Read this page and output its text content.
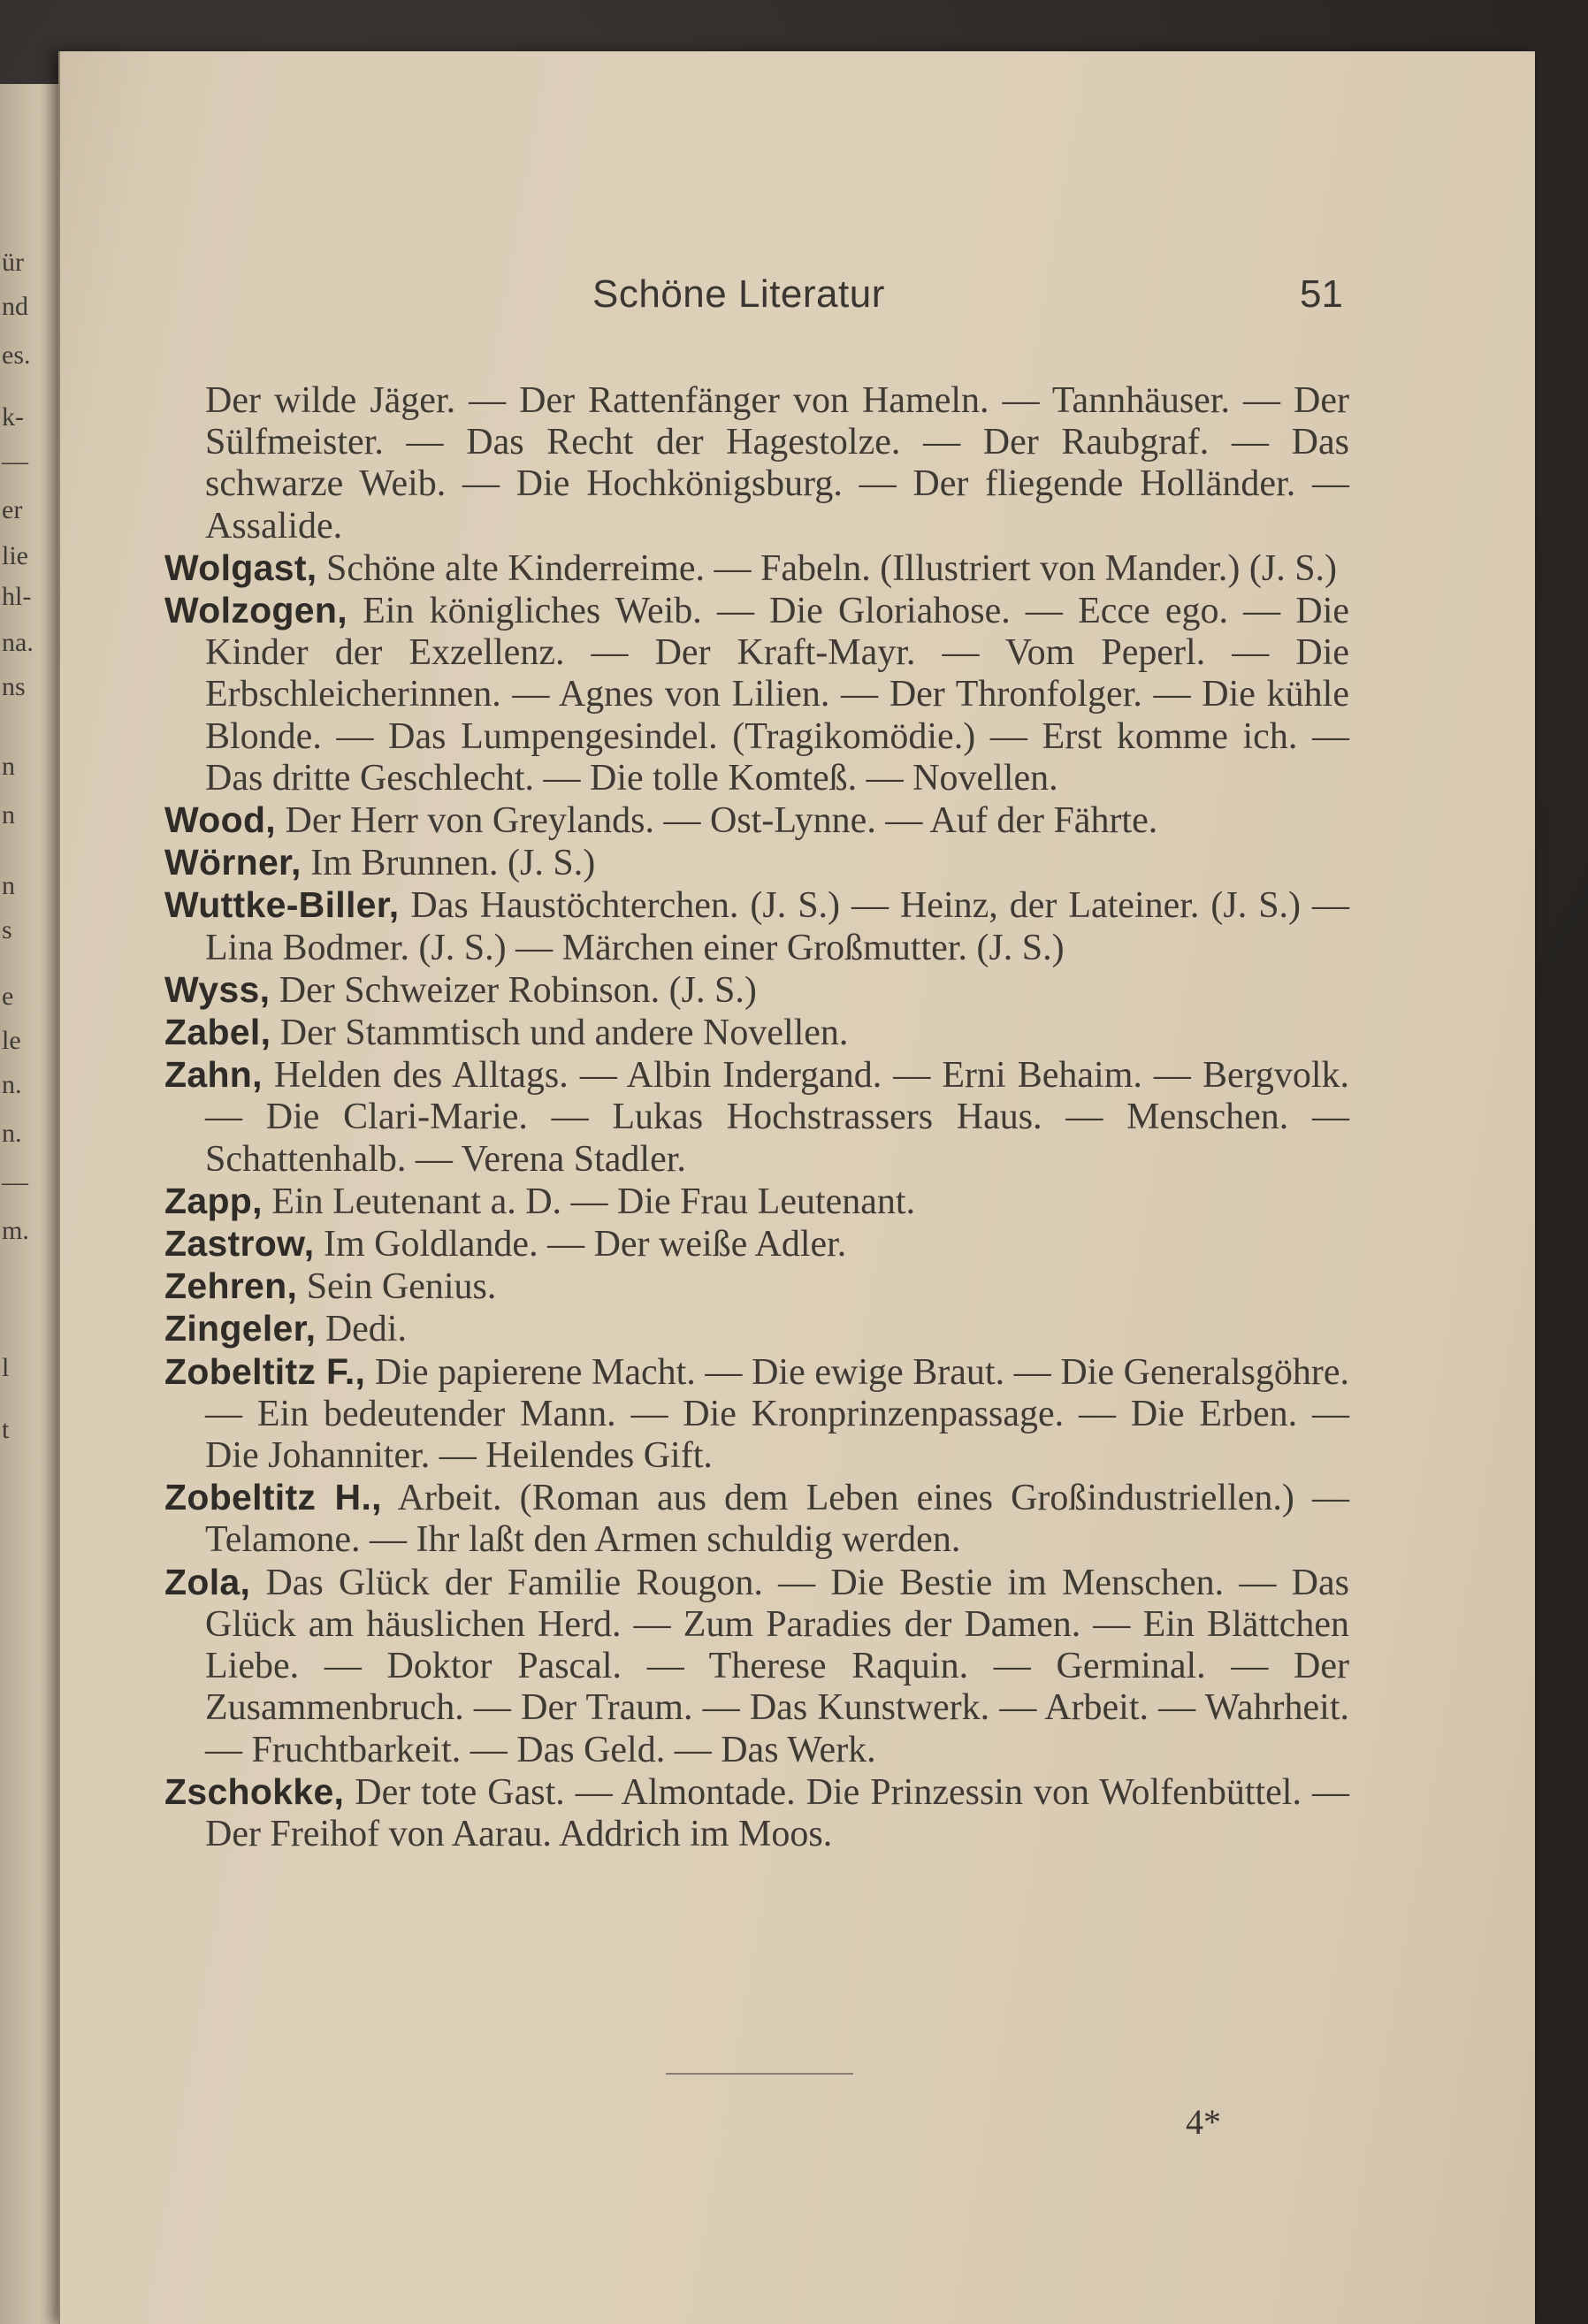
ür
nd
es.
k-
—
er
lie
hl-
na.
ns
n
n
n
s
e
le
n.
n.
—
m.
l
t
Schöne Literatur	51

Der wilde Jäger. — Der Rattenfänger von Hameln. — Tannhäuser. — Der Sülfmeister. — Das Recht der Hagestolze. — Der Raubgraf. — Das schwarze Weib. — Die Hochkönigsburg. — Der fliegende Holländer. — Assalide.

Wolgast, Schöne alte Kinderreime. — Fabeln. (Illustriert von Mander.) (J. S.)

Wolzogen, Ein königliches Weib. — Die Gloriahose. — Ecce ego. — Die Kinder der Exzellenz. — Der Kraft-Mayr. — Vom Peperl. — Die Erbschleicherinnen. — Agnes von Lilien. — Der Thronfolger. — Die kühle Blonde. — Das Lumpengesindel. (Tragikomödie.) — Erst komme ich. — Das dritte Geschlecht. — Die tolle Komteß. — Novellen.

Wood, Der Herr von Greylands. — Ost-Lynne. — Auf der Fährte.

Wörner, Im Brunnen. (J. S.)

Wuttke-Biller, Das Haustöchterchen. (J. S.) — Heinz, der Lateiner. (J. S.) — Lina Bodmer. (J. S.) — Märchen einer Großmutter. (J. S.)

Wyss, Der Schweizer Robinson. (J. S.)

Zabel, Der Stammtisch und andere Novellen.

Zahn, Helden des Alltags. — Albin Indergand. — Erni Behaim. — Bergvolk. — Die Clari-Marie. — Lukas Hochstrassers Haus. — Menschen. — Schattenhalb. — Verena Stadler.

Zapp, Ein Leutenant a. D. — Die Frau Leutenant.

Zastrow, Im Goldlande. — Der weiße Adler.

Zehren, Sein Genius.

Zingeler, Dedi.

Zobeltitz F., Die papierene Macht. — Die ewige Braut. — Die Generalsgöhre. — Ein bedeutender Mann. — Die Kronprinzenpassage. — Die Erben. — Die Johanniter. — Heilendes Gift.

Zobeltitz H., Arbeit. (Roman aus dem Leben eines Großindustriellen.) — Telamone. — Ihr laßt den Armen schuldig werden.

Zola, Das Glück der Familie Rougon. — Die Bestie im Menschen. — Das Glück am häuslichen Herd. — Zum Paradies der Damen. — Ein Blättchen Liebe. — Doktor Pascal. — Therese Raquin. — Germinal. — Der Zusammenbruch. — Der Traum. — Das Kunstwerk. — Arbeit. — Wahrheit. — Fruchtbarkeit. — Das Geld. — Das Werk.

Zschokke, Der tote Gast. — Almontade. Die Prinzessin von Wolfenbüttel. — Der Freihof von Aarau. Addrich im Moos.

4*
